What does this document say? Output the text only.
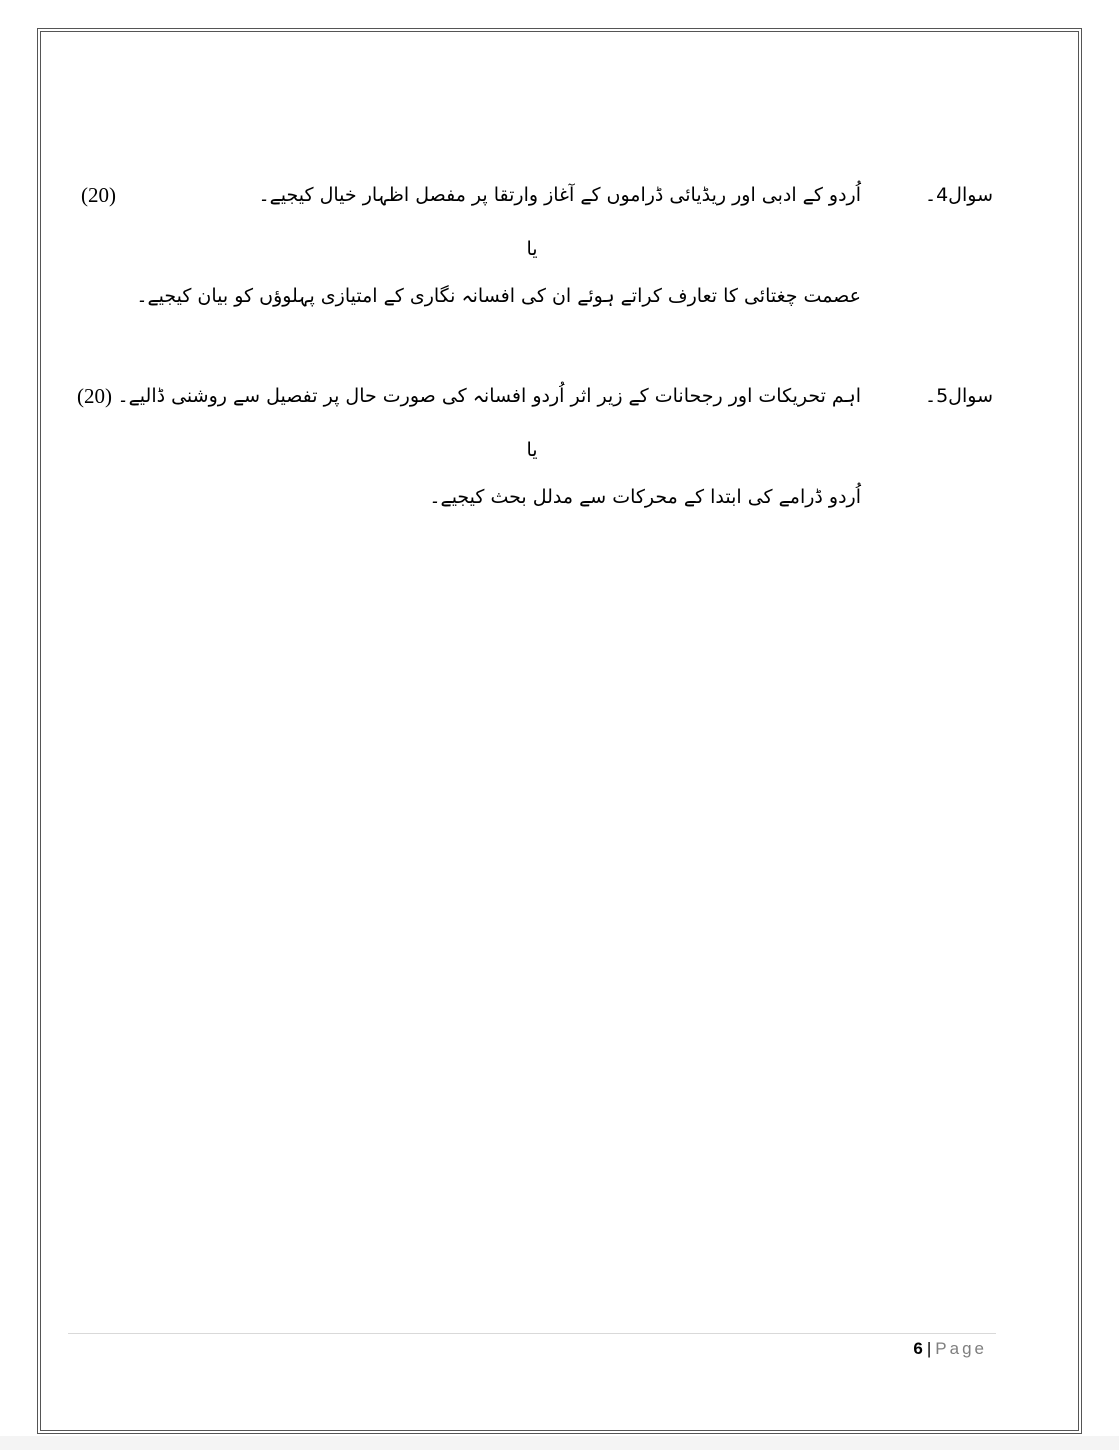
سوال4۔
اُردو کے ادبی اور ریڈیائی ڈراموں کے آغاز وارتقا پر مفصل اظہار خیال کیجیے۔
(20)
یا
عصمت چغتائی کا تعارف کراتے ہوئے ان کی افسانہ نگاری کے امتیازی پہلوؤں کو بیان کیجیے۔
سوال5۔
اہم تحریکات اور رجحانات کے زیر اثر اُردو افسانہ کی صورت حال پر تفصیل سے روشنی ڈالیے۔
(20)
یا
اُردو ڈرامے کی ابتدا کے محرکات سے مدلل بحث کیجیے۔
6 | Page
